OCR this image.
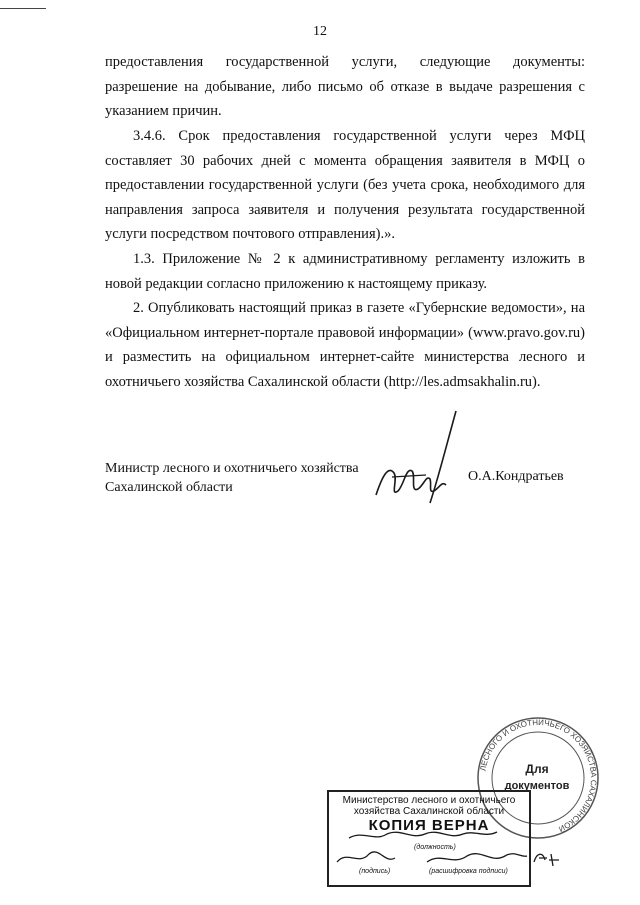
12

предоставления государственной услуги, следующие документы: разрешение на добывание, либо письмо об отказе в выдаче разрешения с указанием причин.

3.4.6. Срок предоставления государственной услуги через МФЦ составляет 30 рабочих дней с момента обращения заявителя в МФЦ о предоставлении государственной услуги (без учета срока, необходимого для направления запроса заявителя и получения результата государственной услуги посредством почтового отправления).».

1.3. Приложение № 2 к административному регламенту изложить в новой редакции согласно приложению к настоящему приказу.

2. Опубликовать настоящий приказ в газете «Губернские ведомости», на «Официальном интернет-портале правовой информации» (www.pravo.gov.ru) и разместить на официальном интернет-сайте министерства лесного и охотничьего хозяйства Сахалинской области (http://les.admsakhalin.ru).

Министр лесного и охотничьего хозяйства
Сахалинской области
О.А.Кондратьев
ЛЕСНОГО И ОХОТНИЧЬЕГО ХОЗЯЙСТВА САХАЛИНСКОЙ
Для
документов
Министерство лесного и охотничьего
хозяйства Сахалинской области
КОПИЯ ВЕРНА
(должность)
(подпись)	(расшифровка подписи)
